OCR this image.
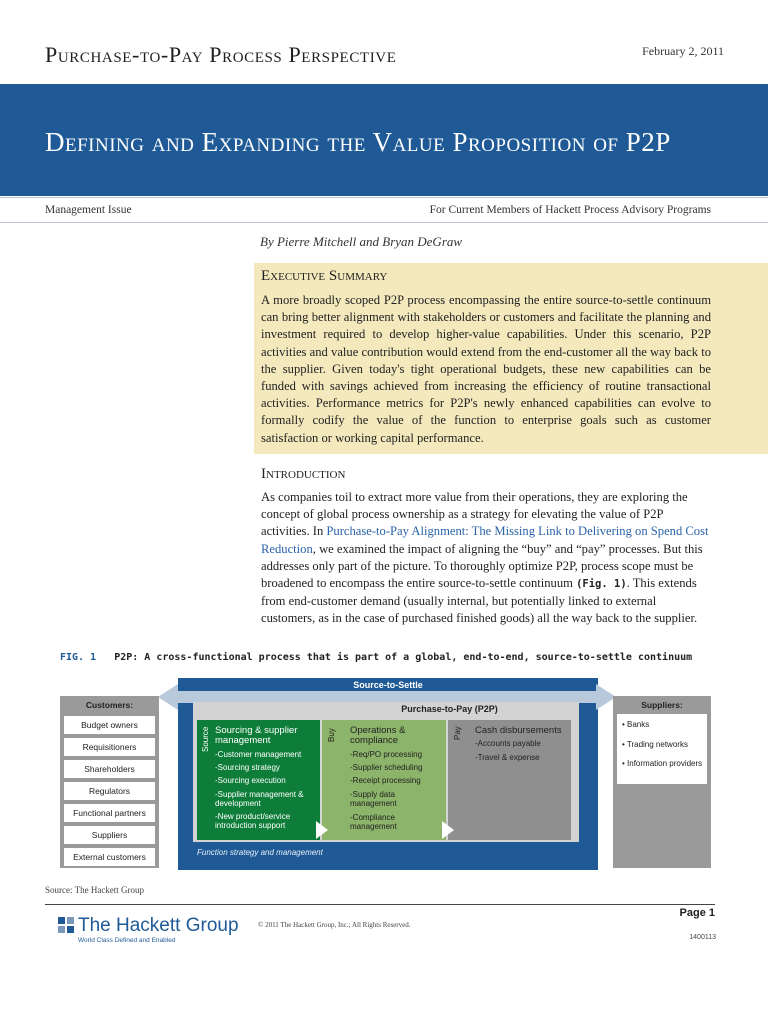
Purchase-to-Pay Process Perspective	February 2, 2011
Defining and Expanding the Value Proposition of P2P
Management Issue	For Current Members of Hackett Process Advisory Programs
By Pierre Mitchell and Bryan DeGraw
Executive Summary
A more broadly scoped P2P process encompassing the entire source-to-settle continuum can bring better alignment with stakeholders or customers and facilitate the planning and investment required to develop higher-value capabilities. Under this scenario, P2P activities and value contribution would extend from the end-customer all the way back to the supplier. Given today's tight operational budgets, these new capabilities can be funded with savings achieved from increasing the efficiency of routine transactional activities. Performance metrics for P2P's newly enhanced capabilities can evolve to formally codify the value of the function to enterprise goals such as customer satisfaction or working capital performance.
Introduction
As companies toil to extract more value from their operations, they are exploring the concept of global process ownership as a strategy for elevating the value of P2P activities. In Purchase-to-Pay Alignment: The Missing Link to Delivering on Spend Cost Reduction, we examined the impact of aligning the “buy” and “pay” processes. But this addresses only part of the picture. To thoroughly optimize P2P, process scope must be broadened to encompass the entire source-to-settle continuum (Fig. 1). This extends from end-customer demand (usually internal, but potentially linked to external customers, as in the case of purchased finished goods) all the way back to the supplier.
FIG. 1 P2P: A cross-functional process that is part of a global, end-to-end, source-to-settle continuum
Source-to-Settle
Purchase-to-Pay (P2P)
Source	Buy	Pay
Sourcing & supplier management
-Customer management
-Sourcing strategy
-Sourcing execution
-Supplier management & development
-New product/service introduction support
Operations & compliance
-Req/PO processing
-Supplier scheduling
-Receipt processing
-Supply data management
-Compliance management
Cash disbursements
-Accounts payable
-Travel & expense
Function strategy and management
Customers:
Budget owners
Requisitioners
Shareholders
Regulators
Functional partners
Suppliers
External customers
Suppliers:
• Banks
• Trading networks
• Information providers
Source: The Hackett Group
The Hackett Group
World Class Defined and Enabled
© 2011 The Hackett Group, Inc.; All Rights Reserved.
Page 1
1400113
